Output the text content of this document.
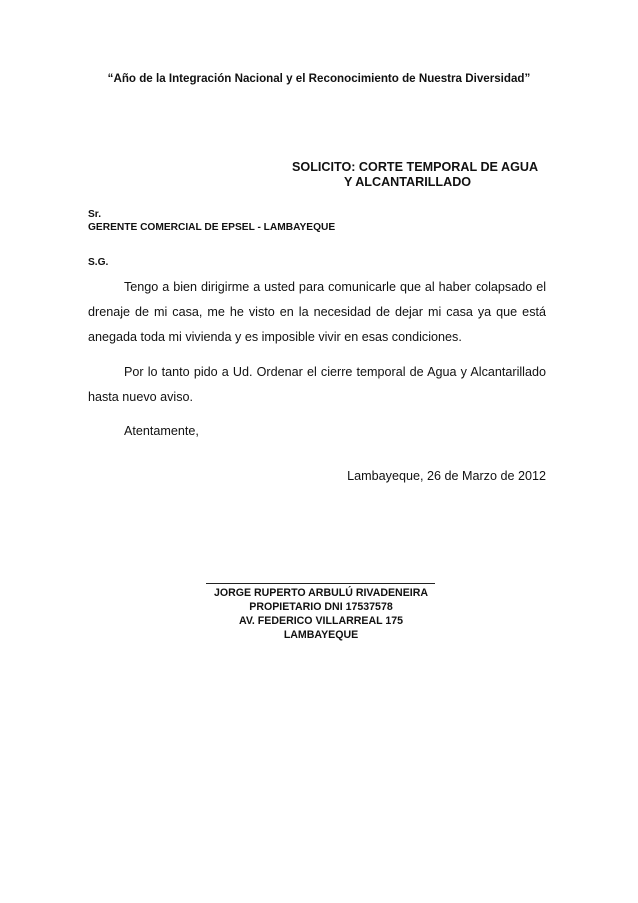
“Año de la Integración Nacional y el Reconocimiento de Nuestra Diversidad”
SOLICITO: CORTE TEMPORAL DE AGUA
Y ALCANTARILLADO
Sr.
GERENTE COMERCIAL DE EPSEL - LAMBAYEQUE
S.G.

Tengo a bien dirigirme a usted para comunicarle que al haber colapsado el drenaje de mi casa, me he visto en la necesidad de dejar mi casa ya que está anegada toda mi vivienda y es imposible vivir en esas condiciones.

Por lo tanto pido a Ud. Ordenar el cierre temporal de Agua y Alcantarillado hasta nuevo aviso.

Atentamente,
Lambayeque, 26 de Marzo de 2012
JORGE RUPERTO ARBULÚ RIVADENEIRA
PROPIETARIO DNI 17537578
AV. FEDERICO VILLARREAL 175
LAMBAYEQUE
